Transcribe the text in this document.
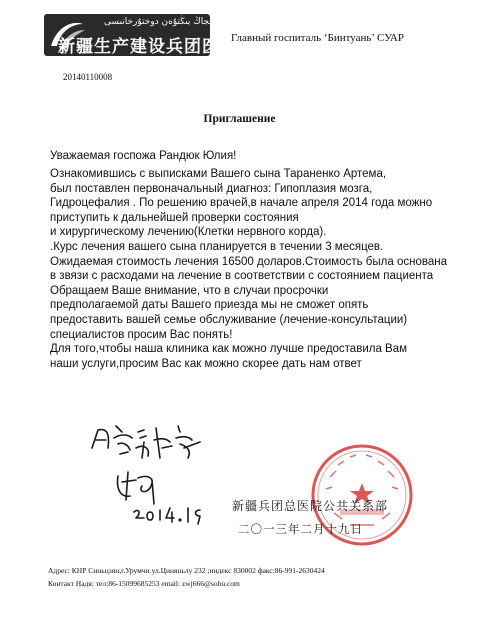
شىنجاڭ بىڭتۇەن دوختۇرخانىسى
新疆生产建设兵团医院
Главный госпиталь ‘Бинтуань’ СУАР
20140110008
Приглашение
Уважаемая госпожа Рандюк Юлия!
Ознакомившись с выписками Вашего сына Тараненко Артема,
был поставлен первоначальный диагноз: Гипоплазия мозга,
Гидроцефалия . По решению врачей,в начале апреля 2014 года можно
приступить к дальнейшей проверки состояния
и хирургическому лечению(Клетки нервного корда).
.Курс лечения вашего сына планируется в течении 3 месяцев.
Ожидаемая стоимость лечения 16500 доларов.Стоимость была основана
в звязи с расходами на лечение в соответствии с состоянием пациента
Обращаем Ваше внимание, что в случаи просрочки
предполагаемой даты Вашего приезда мы не сможет опять
предоставить вашей семье обслуживание (лечение-консультации)
специалистов просим Вас понять!
Для того,чтобы наша клиника как можно лучше предоставила Вам
наши услуги,просим Вас как можно скорее дать нам ответ
新疆兵团总医院公共关系部
二〇一三年二月十九日
Адрес: КНР Синьцзян,г.Урумчи.ул.Циняньлу 232 ;индекс 830002 факс:86-991-2630424
Контакт Надя: тел:86-15099685253 email: zwj666@sohu.com
